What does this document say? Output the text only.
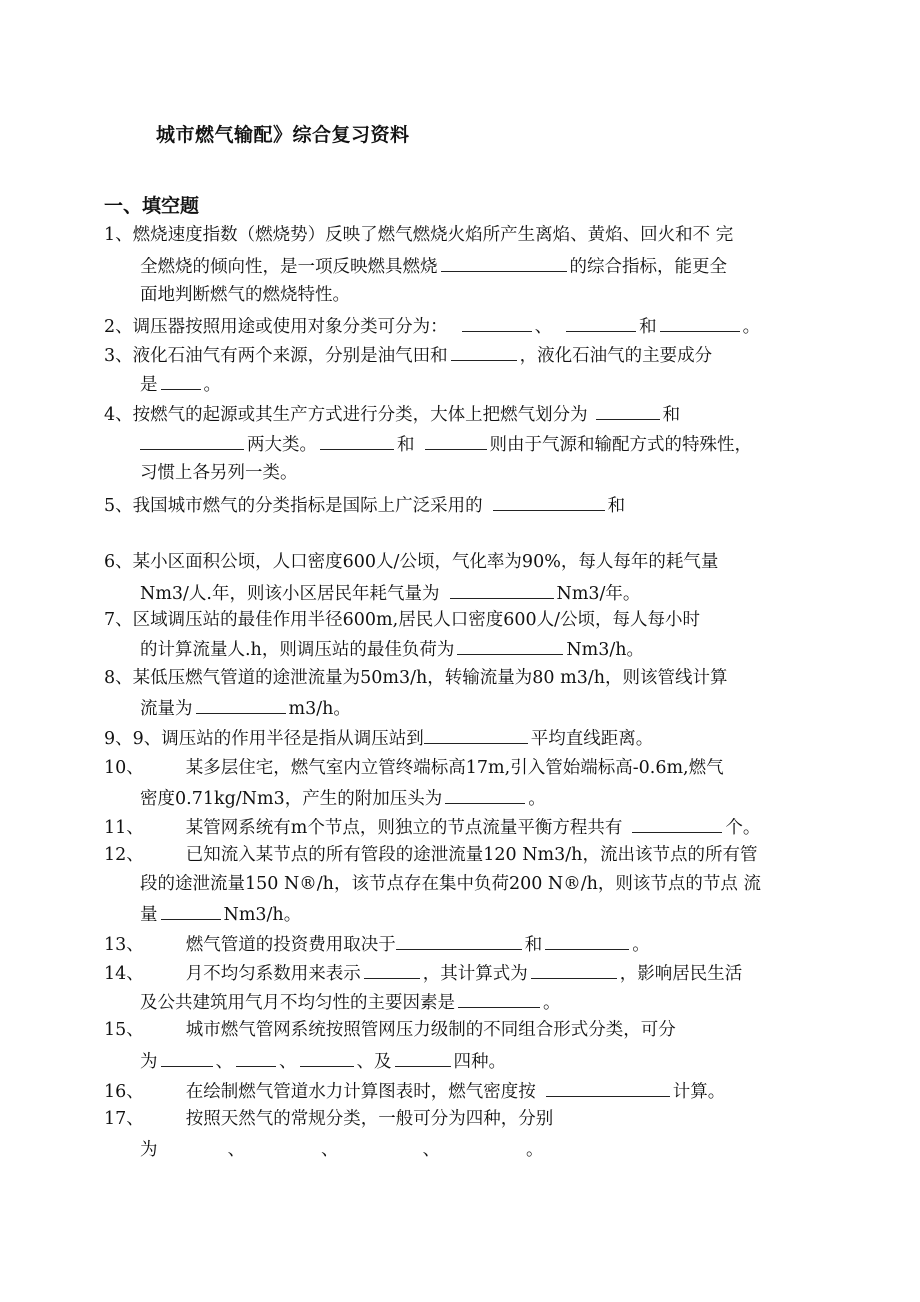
城市燃气输配》综合复习资料
一、填空题
1、燃烧速度指数（燃烧势）反映了燃气燃烧火焰所产生离焰、黄焰、回火和不 完
全燃烧的倾向性，是一项反映燃具燃烧	的综合指标，能更全
面地判断燃气的燃烧特性。
2、调压器按照用途或使用对象分类可分为：	、	和	。
3、液化石油气有两个来源，分别是油气田和	，液化石油气的主要成分
是	。
4、按燃气的起源或其生产方式进行分类，大体上把燃气划分为	和
两大类。	和	则由于气源和输配方式的特殊性，
习惯上各另列一类。
5、我国城市燃气的分类指标是国际上广泛采用的	和
6、某小区面积公顷，人口密度600人/公顷，气化率为90%，每人每年的耗气量
Nm3/人.年，则该小区居民年耗气量为	Nm3/年。
7、区域调压站的最佳作用半径600m,居民人口密度600人/公顷，每人每小时
的计算流量人.h，则调压站的最佳负荷为	Nm3/h。
8、某低压燃气管道的途泄流量为50m3/h，转输流量为80 m3/h，则该管线计算
流量为	m3/h。
9、9、调压站的作用半径是指从调压站到	平均直线距离。
10、 某多层住宅，燃气室内立管终端标高17m,引入管始端标高-0.6m,燃气
密度0.71kg/Nm3，产生的附加压头为	。
11、 某管网系统有m个节点，则独立的节点流量平衡方程共有	个。
12、 已知流入某节点的所有管段的途泄流量120 Nm3/h，流出该节点的所有管
段的途泄流量150 N®/h，该节点存在集中负荷200 N®/h，则该节点的节点 流
量	Nm3/h。
13、 燃气管道的投资费用取决于	和	。
14、 月不均匀系数用来表示	，其计算式为	，影响居民生活
及公共建筑用气月不均匀性的主要因素是	。
15、 城市燃气管网系统按照管网压力级制的不同组合形式分类，可分
为	、	、	、及	四种。
16、 在绘制燃气管道水力计算图表时，燃气密度按	计算。
17、 按照天然气的常规分类，一般可分为四种，分别
为	、	、	、	。
